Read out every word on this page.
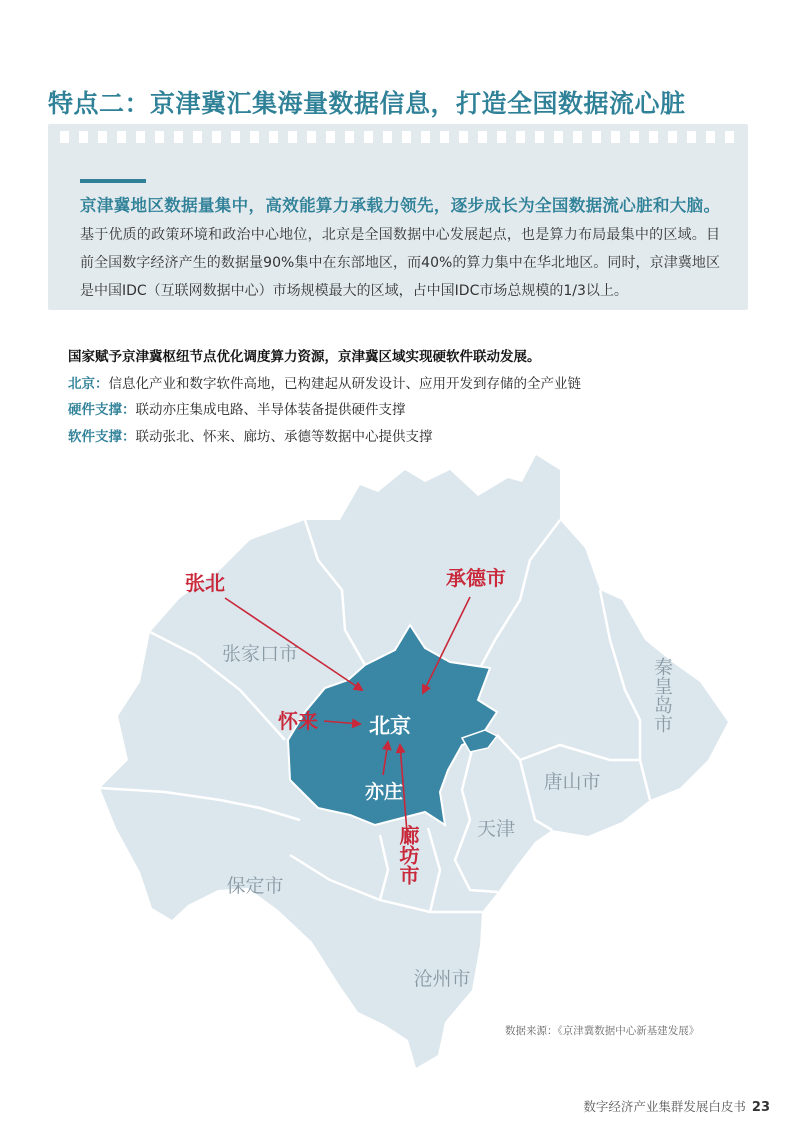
特点二：京津冀汇集海量数据信息，打造全国数据流心脏
京津冀地区数据量集中，高效能算力承载力领先，逐步成长为全国数据流心脏和大脑。基于优质的政策环境和政治中心地位，北京是全国数据中心发展起点，也是算力布局最集中的区域。目前全国数字经济产生的数据量90%集中在东部地区，而40%的算力集中在华北地区。同时，京津冀地区是中国IDC（互联网数据中心）市场规模最大的区域，占中国IDC市场总规模的1/3以上。
国家赋予京津冀枢纽节点优化调度算力资源，京津冀区域实现硬软件联动发展。
北京：信息化产业和数字软件高地，已构建起从研发设计、应用开发到存储的全产业链
硬件支撑：联动亦庄集成电路、半导体装备提供硬件支撑
软件支撑：联动张北、怀来、廊坊、承德等数据中心提供支撑
张家口市
唐山市
天津
保定市
沧州市
秦皇岛市
北京
亦庄
张北	承德市
怀来
廊坊市
数据来源：《京津冀数据中心新基建发展》
数字经济产业集群发展白皮书 23
